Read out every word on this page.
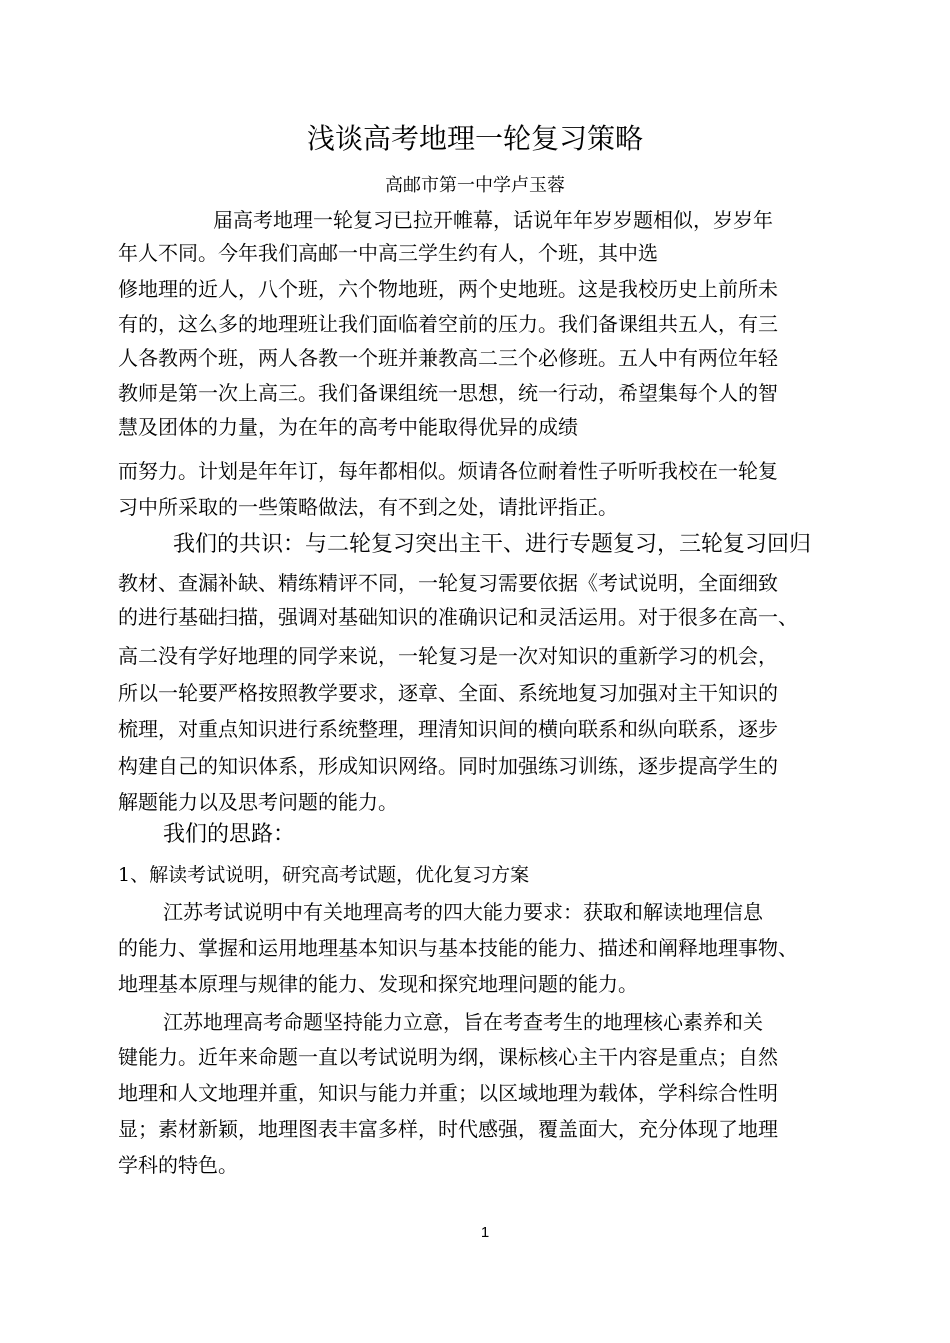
浅谈高考地理一轮复习策略
高邮市第一中学卢玉蓉
届高考地理一轮复习已拉开帷幕，话说年年岁岁题相似，岁岁年
年人不同。今年我们高邮一中高三学生约有人，个班，其中选
修地理的近人，八个班，六个物地班，两个史地班。这是我校历史上前所未
有的，这么多的地理班让我们面临着空前的压力。我们备课组共五人，有三
人各教两个班，两人各教一个班并兼教高二三个必修班。五人中有两位年轻
教师是第一次上高三。我们备课组统一思想，统一行动，希望集每个人的智
慧及团体的力量，为在年的高考中能取得优异的成绩
而努力。计划是年年订，每年都相似。烦请各位耐着性子听听我校在一轮复
习中所采取的一些策略做法，有不到之处，请批评指正。
我们的共识：与二轮复习突出主干、进行专题复习，三轮复习回归
教材、查漏补缺、精练精评不同，一轮复习需要依据《考试说明，全面细致
的进行基础扫描，强调对基础知识的准确识记和灵活运用。对于很多在高一、
高二没有学好地理的同学来说，一轮复习是一次对知识的重新学习的机会，
所以一轮要严格按照教学要求，逐章、全面、系统地复习加强对主干知识的
梳理，对重点知识进行系统整理，理清知识间的横向联系和纵向联系，逐步
构建自己的知识体系，形成知识网络。同时加强练习训练，逐步提高学生的
解题能力以及思考问题的能力。
我们的思路：
1、解读考试说明，研究高考试题，优化复习方案
江苏考试说明中有关地理高考的四大能力要求：获取和解读地理信息
的能力、掌握和运用地理基本知识与基本技能的能力、描述和阐释地理事物、
地理基本原理与规律的能力、发现和探究地理问题的能力。
江苏地理高考命题坚持能力立意，旨在考查考生的地理核心素养和关
键能力。近年来命题一直以考试说明为纲，课标核心主干内容是重点；自然
地理和人文地理并重，知识与能力并重；以区域地理为载体，学科综合性明
显；素材新颖，地理图表丰富多样，时代感强，覆盖面大，充分体现了地理
学科的特色。
1
